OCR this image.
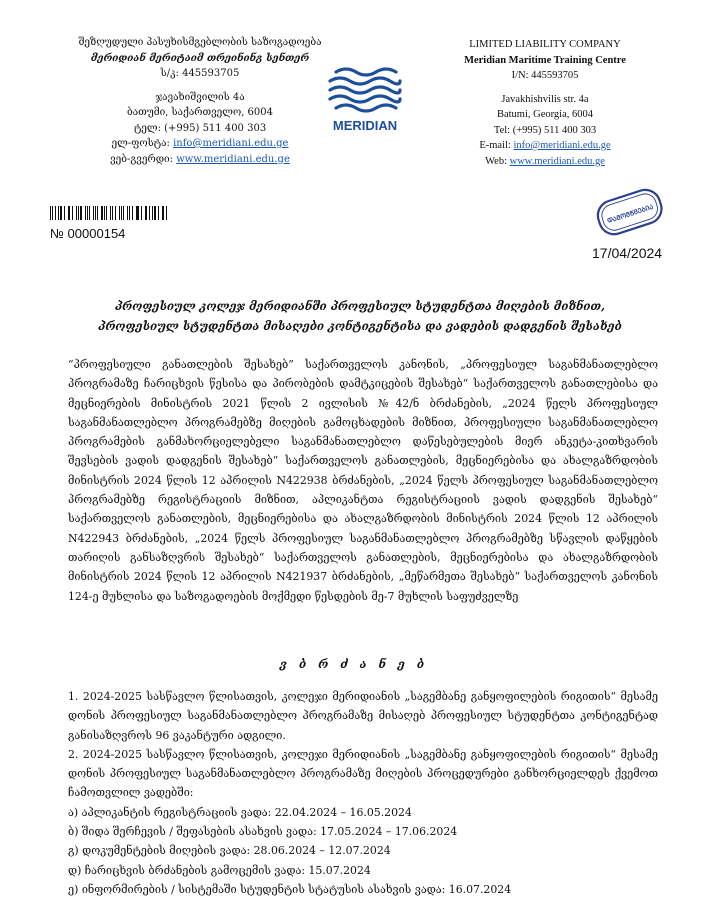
შეზღუდული პასუხისმგებლობის საზოგადოება
მერიდიან მერიტაიმ თრეინინგ სენთერ
ს/კ: 445593705
ჯავახიშვილის 4ა
ბათუმი, საქართველო, 6004
ტელ: (+995) 511 400 303
ელ-ფოსტა: info@meridiani.edu.ge
ვებ-გვერდი: www.meridiani.edu.ge
MERIDIAN
LIMITED LIABILITY COMPANY
Meridian Maritime Training Centre
I/N: 445593705
Javakhishvilis str. 4a
Batumi, Georgia, 6004
Tel: (+995) 511 400 303
E-mail: info@meridiani.edu.ge
Web: www.meridiani.edu.ge
№ 00000154
ᲓᲐᲛᲝᲛᲬᲛᲔᲑᲘᲐ
17/04/2024
პროფესიულ კოლეჯ მერიდიანში პროფესიულ სტუდენტთა მიღების მიზნით, პროფესიულ სტუდენტთა მისაღები კონტიგენტისა და ვადების დადგენის შესახებ
“პროფესიული განათლების შესახებ” საქართველოს კანონის, „პროფესიულ საგანმანათლებლო პროგრამაზე ჩარიცხვის წესისა და პირობების დამტკიცების შესახებ“ საქართველოს განათლებისა და მეცნიერების მინისტრის 2021 წლის 2 ივლისის №42/ნ ბრძანების, „2024 წელს პროფესიულ საგანმანათლებლო პროგრამებზე მიღების გამოცხადების მიზნით, პროფესიული საგანმანათლებლო პროგრამების განმახორციელებელი საგანმანათლებლო დაწესებულების მიერ ანკეტა-კითხვარის შევსების ვადის დადგენის შესახებ“ საქართველოს განათლების, მეცნიერებისა და ახალგაზრდობის მინისტრის 2024 წლის 12 აპრილის N422938 ბრძანების, „2024 წელს პროფესიულ საგანმანათლებლო პროგრამებზე რეგისტრაციის მიზნით, აპლიკანტთა რეგისტრაციის ვადის დადგენის შესახებ“ საქართველოს განათლების, მეცნიერებისა და ახალგაზრდობის მინისტრის 2024 წლის 12 აპრილის N422943 ბრძანების, „2024 წელს პროფესიულ საგანმანათლებლო პროგრამებზე სწავლის დაწყების თარიღის განსაზღვრის შესახებ“ საქართველოს განათლების, მეცნიერებისა და ახალგაზრდობის მინისტრის 2024 წლის 12 აპრილის N421937 ბრძანების, „მეწარმეთა შესახებ“ საქართველოს კანონის 124-ე მუხლისა და საზოგადოების მოქმედი წესდების მე-7 მუხლის საფუძველზე
ვ ბ რ ძ ა ნ ე ბ
1. 2024-2025 სასწავლო წლისათვის, კოლეჯი მერიდიანის „საგემბანე განყოფილების რიგითის“ მესამე დონის პროფესიულ საგანმანათლებლო პროგრამაზე მისაღებ პროფესიულ სტუდენტთა კონტიგენტად განისაზღვროს 96 ვაკანტური ადგილი.
2. 2024-2025 სასწავლო წლისათვის, კოლეჯი მერიდიანის „საგემბანე განყოფილების რიგითის“ მესამე დონის პროფესიულ საგანმანათლებლო პროგრამაზე მიღების პროცედურები განხორციელდეს ქვემოთ ჩამოთვლილ ვადებში:
ა) აპლიკანტის რეგისტრაციის ვადა: 22.04.2024 – 16.05.2024
ბ) შიდა შერჩევის / შეფასების ასახვის ვადა: 17.05.2024 – 17.06.2024
გ) დოკუმენტების მიღების ვადა: 28.06.2024 – 12.07.2024
დ) ჩარიცხვის ბრძანების გამოცემის ვადა: 15.07.2024
ე) ინფორმირების / სისტემაში სტუდენტის სტატუსის ასახვის ვადა: 16.07.2024
